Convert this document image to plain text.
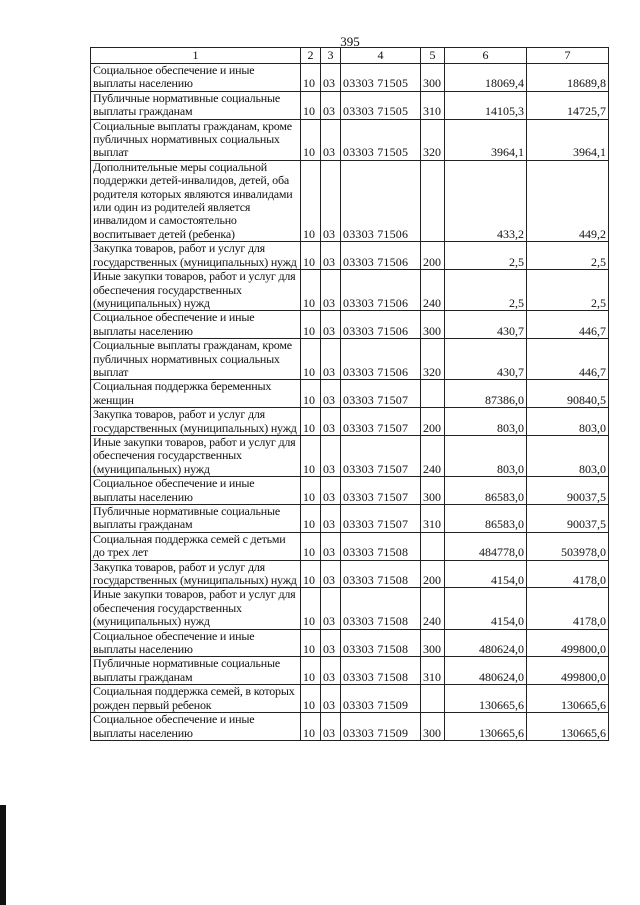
395
1	2	3	4	5	6	7
Социальное обеспечение и иные выплаты населению	10	03	03303 71505	300	18069,4	18689,8
Публичные нормативные социальные выплаты гражданам	10	03	03303 71505	310	14105,3	14725,7
Социальные выплаты гражданам, кроме публичных нормативных социальных выплат	10	03	03303 71505	320	3964,1	3964,1
Дополнительные меры социальной поддержки детей-инвалидов, детей, оба родителя которых являются инвалидами или один из родителей является инвалидом и самостоятельно воспитывает детей (ребенка)	10	03	03303 71506		433,2	449,2
Закупка товаров, работ и услуг для государственных (муниципальных) нужд	10	03	03303 71506	200	2,5	2,5
Иные закупки товаров, работ и услуг для обеспечения государственных (муниципальных) нужд	10	03	03303 71506	240	2,5	2,5
Социальное обеспечение и иные выплаты населению	10	03	03303 71506	300	430,7	446,7
Социальные выплаты гражданам, кроме публичных нормативных социальных выплат	10	03	03303 71506	320	430,7	446,7
Социальная поддержка беременных женщин	10	03	03303 71507		87386,0	90840,5
Закупка товаров, работ и услуг для государственных (муниципальных) нужд	10	03	03303 71507	200	803,0	803,0
Иные закупки товаров, работ и услуг для обеспечения государственных (муниципальных) нужд	10	03	03303 71507	240	803,0	803,0
Социальное обеспечение и иные выплаты населению	10	03	03303 71507	300	86583,0	90037,5
Публичные нормативные социальные выплаты гражданам	10	03	03303 71507	310	86583,0	90037,5
Социальная поддержка семей с детьми до трех лет	10	03	03303 71508		484778,0	503978,0
Закупка товаров, работ и услуг для государственных (муниципальных) нужд	10	03	03303 71508	200	4154,0	4178,0
Иные закупки товаров, работ и услуг для обеспечения государственных (муниципальных) нужд	10	03	03303 71508	240	4154,0	4178,0
Социальное обеспечение и иные выплаты населению	10	03	03303 71508	300	480624,0	499800,0
Публичные нормативные социальные выплаты гражданам	10	03	03303 71508	310	480624,0	499800,0
Социальная поддержка семей, в которых рожден первый ребенок	10	03	03303 71509		130665,6	130665,6
Социальное обеспечение и иные выплаты населению	10	03	03303 71509	300	130665,6	130665,6
